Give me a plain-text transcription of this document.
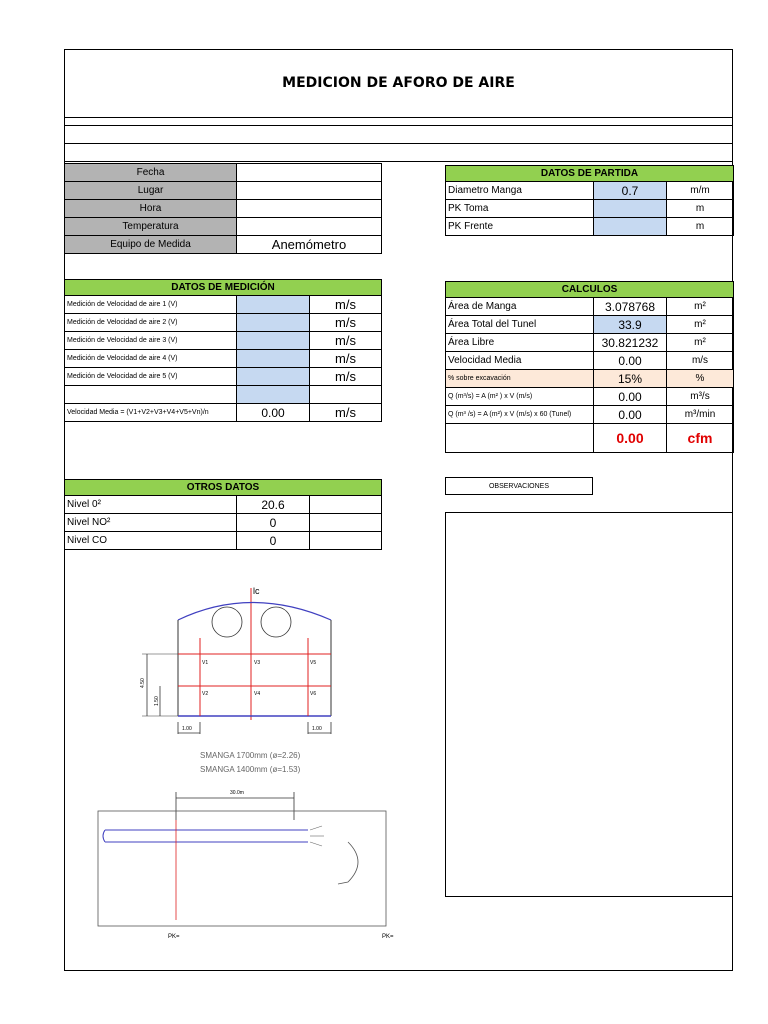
MEDICION DE AFORO DE AIRE
Fecha	
Lugar	
Hora	
Temperatura	
Equipo de Medida	Anemómetro
DATOS DE PARTIDA		
Diametro Manga	0.7	m/m
PK Toma		m
PK Frente		m
DATOS DE MEDICIÓN		
Medición de Velocidad de aire 1 (V)		m/s
Medición de Velocidad de aire 2 (V)		m/s
Medición de Velocidad de aire 3 (V)		m/s
Medición de Velocidad de aire 4 (V)		m/s
Medición de Velocidad de aire 5 (V)		m/s

Velocidad Media = (V1+V2+V3+V4+V5+Vn)/n	0.00	m/s
CALCULOS		
Área de Manga	3.078768	m²
Área Total del Tunel	33.9	m²
Área Libre	30.821232	m²
Velocidad Media	0.00	m/s
% sobre excavación	15%	%
Q (m³/s) = A (m² ) x V (m/s)	0.00	m³/s
Q (m³ /s) = A (m²) x V (m/s) x 60 (Tunel)	0.00	m³/min
	0.00	cfm
OTROS DATOS		
Nivel 0²	20.6	
Nivel NO²	0	
Nivel CO	0	
OBSERVACIONES
lc
V1	V3	V5
V2	V4	V6
4.50
1.50
1.00	1.00
SMANGA 1700mm (ø=2.26)
SMANGA 1400mm (ø=1.53)
30.0m
PK=	PK=
